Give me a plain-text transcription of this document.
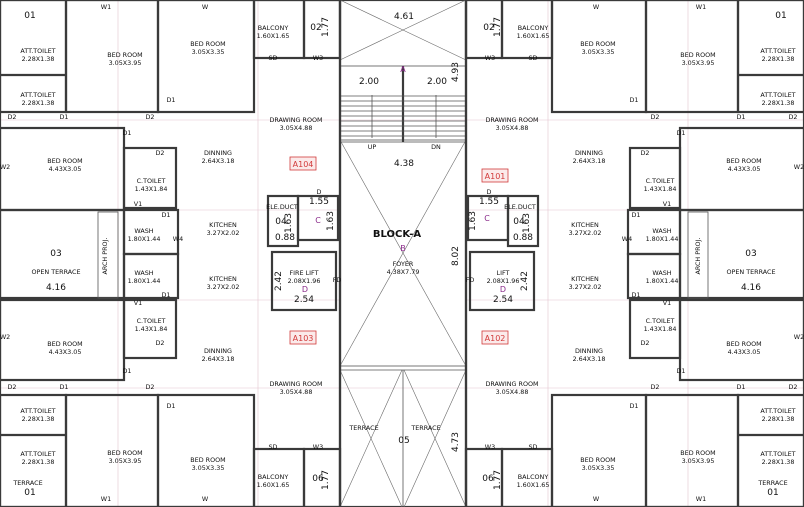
A104
A101
A103	A102
BED ROOM
3.05X3.95
BED ROOM
3.05X3.35
BALCONY
1.60X1.65
ATT.TOILET
2.28X1.38
ATT.TOILET
2.28X1.38
DRAWING ROOM
3.05X4.88
DINNING
2.64X3.18
BED ROOM
4.43X3.05
C.TOILET
1.43X1.84
KITCHEN
3.27X2.02
WASH
1.80X1.44
WASH
1.80X1.44	KITCHEN
3.27X2.02
FIRE LIFT
2.08X1.96
C.TOILET
1.43X1.84
BED ROOM
4.43X3.05	DINNING
2.64X3.18
DRAWING ROOM
3.05X4.88
ATT.TOILET
2.28X1.38
BED ROOM
3.05X3.95
ATT.TOILET
2.28X1.38	BED ROOM
3.05X3.35
BALCONY
1.60X1.65
BALCONY
1.60X1.65
BED ROOM
3.05X3.35	BED ROOM
3.05X3.95
ATT.TOILET
2.28X1.38
ATT.TOILET
2.28X1.38
DRAWING ROOM
3.05X4.88
DINNING
2.64X3.18	BED ROOM
4.43X3.05
C.TOILET
1.43X1.84
KITCHEN
3.27X2.02	WASH
1.80X1.44
WASH
1.80X1.44
KITCHEN
3.27X2.02
LIFT
2.08X1.96
C.TOILET
1.43X1.84
BED ROOM
4.43X3.05
DINNING
2.64X3.18
DRAWING ROOM
3.05X4.88
ATT.TOILET
2.28X1.38
BED ROOM
3.05X3.95
ATT.TOILET
2.28X1.38
BED ROOM
3.05X3.35
BALCONY
1.60X1.65
FOYER
4.38X7.79
01	01
02	02
03	03
04	04
05
06	06
01	01
4.61
2.00	2.00
4.38
1.55	1.55
0.88	0.88
2.54	2.54
4.16	4.16
OPEN TERRACE	OPEN TERRACE
TERRACE	TERRACE
TERRACE	TERRACE
UP	DN
ELE.DUCT	ELE.DUCT
W1	W	W	W1
SD	W3	W3	SD
D1	D1
D2	D1	D2	D2	D1	D2
D1	D1
D2	D2
W2	W2
V1	V1
D1	D1
W4	W4
D1	D1
V1	V1
D2	D2
W2	W2
D1	D1
D2	D1	D2	D2	D1	D2
D1	D1
SD	W3	W3	SD
W1	W	W	W1
D	D
FD	FD
1.77	1.77
4.93
1.63	1.63	1.63	1.63
8.02
2.42	2.42
4.73
1.77	1.77
ARCH PROJ.	ARCH PROJ.
A
C	C
D	D
BLOCK-A
B
